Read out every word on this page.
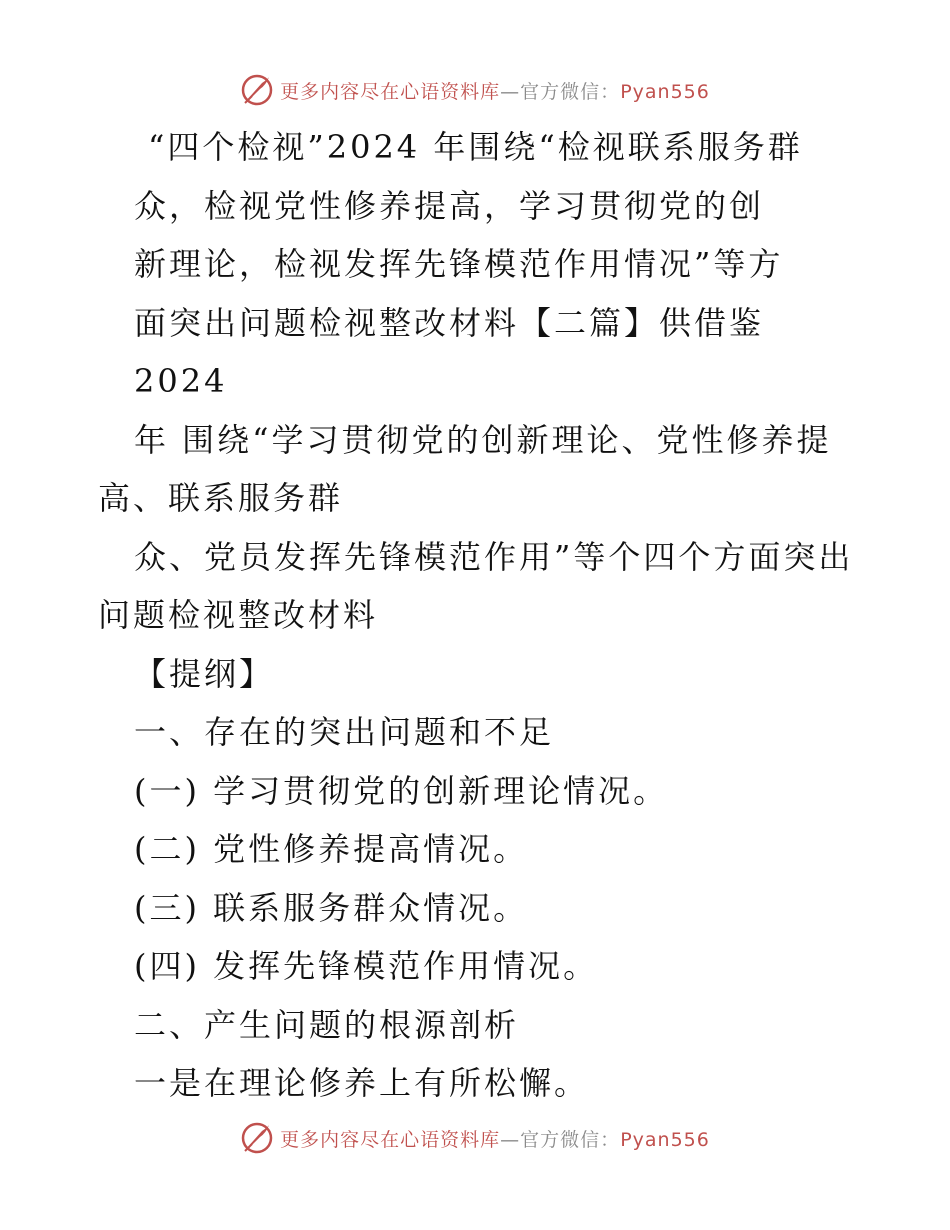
更多内容尽在心语资料库—官方微信：Pyan556
“四个检视”2024 年围绕“检视联系服务群
众，检视党性修养提高，学习贯彻党的创
新理论，检视发挥先锋模范作用情况”等方
面突出问题检视整改材料【二篇】供借鉴
2024
年 围绕“学习贯彻党的创新理论、党性修养提
高、联系服务群
众、党员发挥先锋模范作用”等个四个方面突出
问题检视整改材料
【提纲】
一、存在的突出问题和不足
(一) 学习贯彻党的创新理论情况。
(二) 党性修养提高情况。
(三) 联系服务群众情况。
(四) 发挥先锋模范作用情况。
二、产生问题的根源剖析
一是在理论修养上有所松懈。
更多内容尽在心语资料库—官方微信：Pyan556
